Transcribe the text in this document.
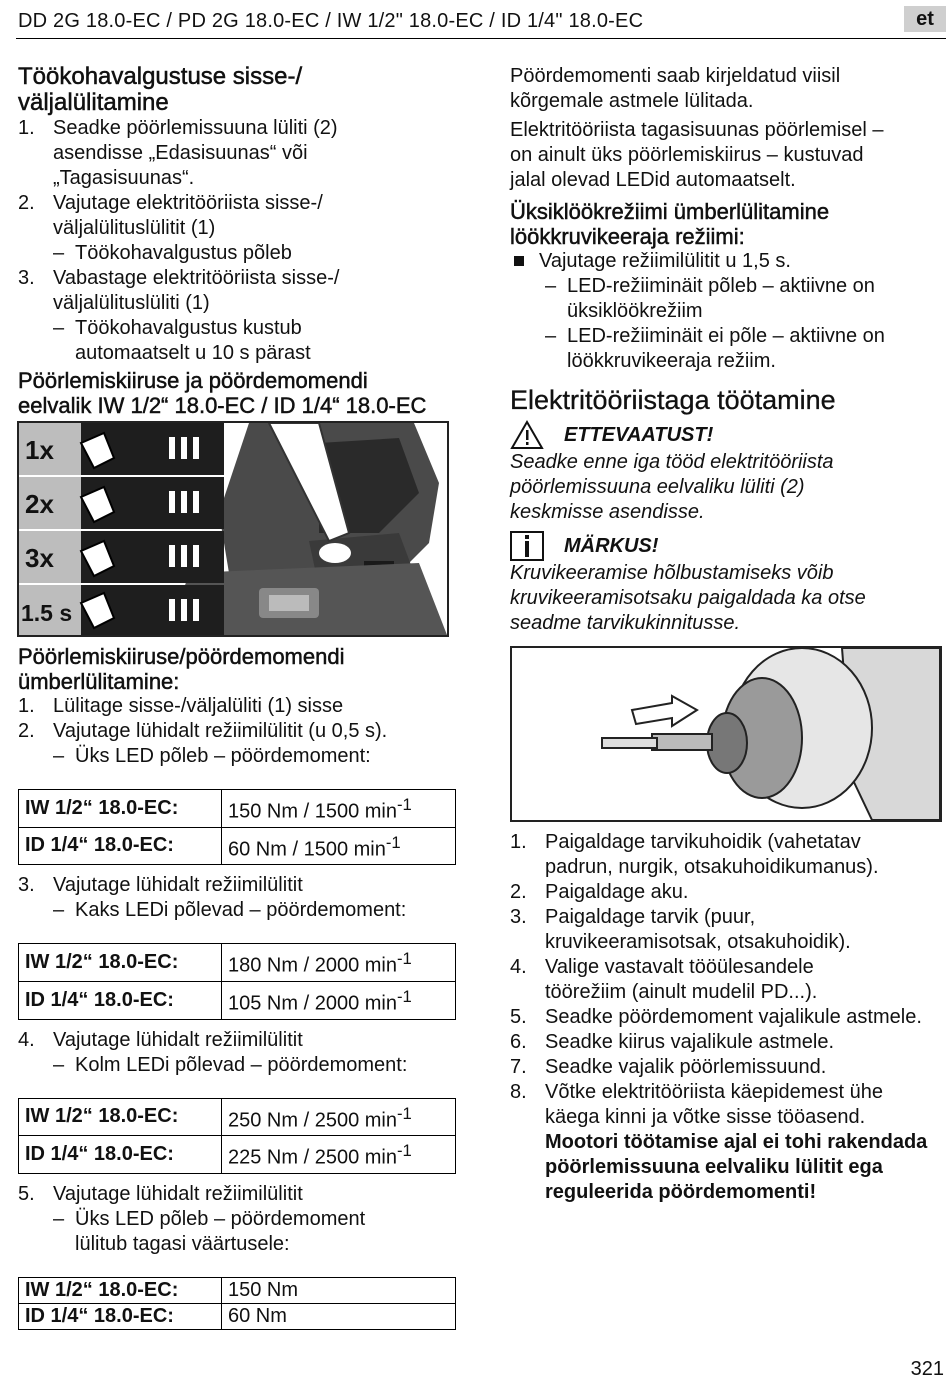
DD 2G 18.0-EC / PD 2G 18.0-EC / IW 1/2" 18.0-EC / ID 1/4" 18.0-EC	et
Töökohavalgustuse sisse-/
väljalülitamine
1. Seadke pöörlemissuuna lüliti (2)
asendisse „Edasisuunas“ või
„Tagasisuunas“.
2. Vajutage elektritööriista sisse-/
väljalülituslülitit (1)
– Töökohavalgustus põleb
3. Vabastage elektritööriista sisse-/
väljalülituslüliti (1)
– Töökohavalgustus kustub
automaatselt u 10 s pärast
Pöörlemiskiiruse ja pöördemomendi
eelvalik IW 1/2“ 18.0-EC / ID 1/4“ 18.0-EC
1x
2x
3x
1.5 s
Pöörlemiskiiruse/pöördemomendi
ümberlülitamine:
1. Lülitage sisse-/väljalüliti (1) sisse
2. Vajutage lühidalt režiimilülitit (u 0,5 s).
– Üks LED põleb – pöördemoment:
IW 1/2“ 18.0-EC:	150 Nm / 1500 $\min^{-1}$
ID 1/4“ 18.0-EC:	60 Nm / 1500 $\min^{-1}$
3. Vajutage lühidalt režiimilülitit
– Kaks LEDi põlevad – pöördemoment:
IW 1/2“ 18.0-EC:	180 Nm / 2000 $\min^{-1}$
ID 1/4“ 18.0-EC:	105 Nm / 2000 $\min^{-1}$
4. Vajutage lühidalt režiimilülitit
– Kolm LEDi põlevad – pöördemoment:
IW 1/2“ 18.0-EC:	250 Nm / 2500 $\min^{-1}$
ID 1/4“ 18.0-EC:	225 Nm / 2500 $\min^{-1}$
5. Vajutage lühidalt režiimilülitit
– Üks LED põleb – pöördemoment
lülitub tagasi väärtusele:
IW 1/2“ 18.0-EC:	150 Nm
ID 1/4“ 18.0-EC:	60 Nm
Pöördemomenti saab kirjeldatud viisil
kõrgemale astmele lülitada.
Elektritööriista tagasisuunas pöörlemisel –
on ainult üks pöörlemiskiirus – kustuvad
jalal olevad LEDid automaatselt.
Üksiklöökrežiimi ümberlülitamine
löökkruvikeeraja režiimi:
Vajutage režiimilülitit u 1,5 s.
– LED-režiiminäit põleb – aktiivne on
üksiklöökrežiim
– LED-režiiminäit ei põle – aktiivne on
löökkruvikeeraja režiim.
Elektritööriistaga töötamine
ETTEVAATUST!
Seadke enne iga tööd elektritööriista
pöörlemissuuna eelvaliku lüliti (2)
keskmisse asendisse.
MÄRKUS!
Kruvikeeramise hõlbustamiseks võib
kruvikeeramisotsaku paigaldada ka otse
seadme tarvikukinnitusse.
1. Paigaldage tarvikuhoidik (vahetatav
padrun, nurgik, otsakuhoidikumanus).
2. Paigaldage aku.
3. Paigaldage tarvik (puur,
kruvikeeramisotsak, otsakuhoidik).
4. Valige vastavalt tööülesandele
töörežiim (ainult mudelil PD...).
5. Seadke pöördemoment vajalikule astmele.
6. Seadke kiirus vajalikule astmele.
7. Seadke vajalik pöörlemissuund.
8. Võtke elektritööriista käepidemest ühe
käega kinni ja võtke sisse tööasend.
Mootori töötamise ajal ei tohi rakendada
pöörlemissuuna eelvaliku lülitit ega
reguleerida pöördemomenti!
321
